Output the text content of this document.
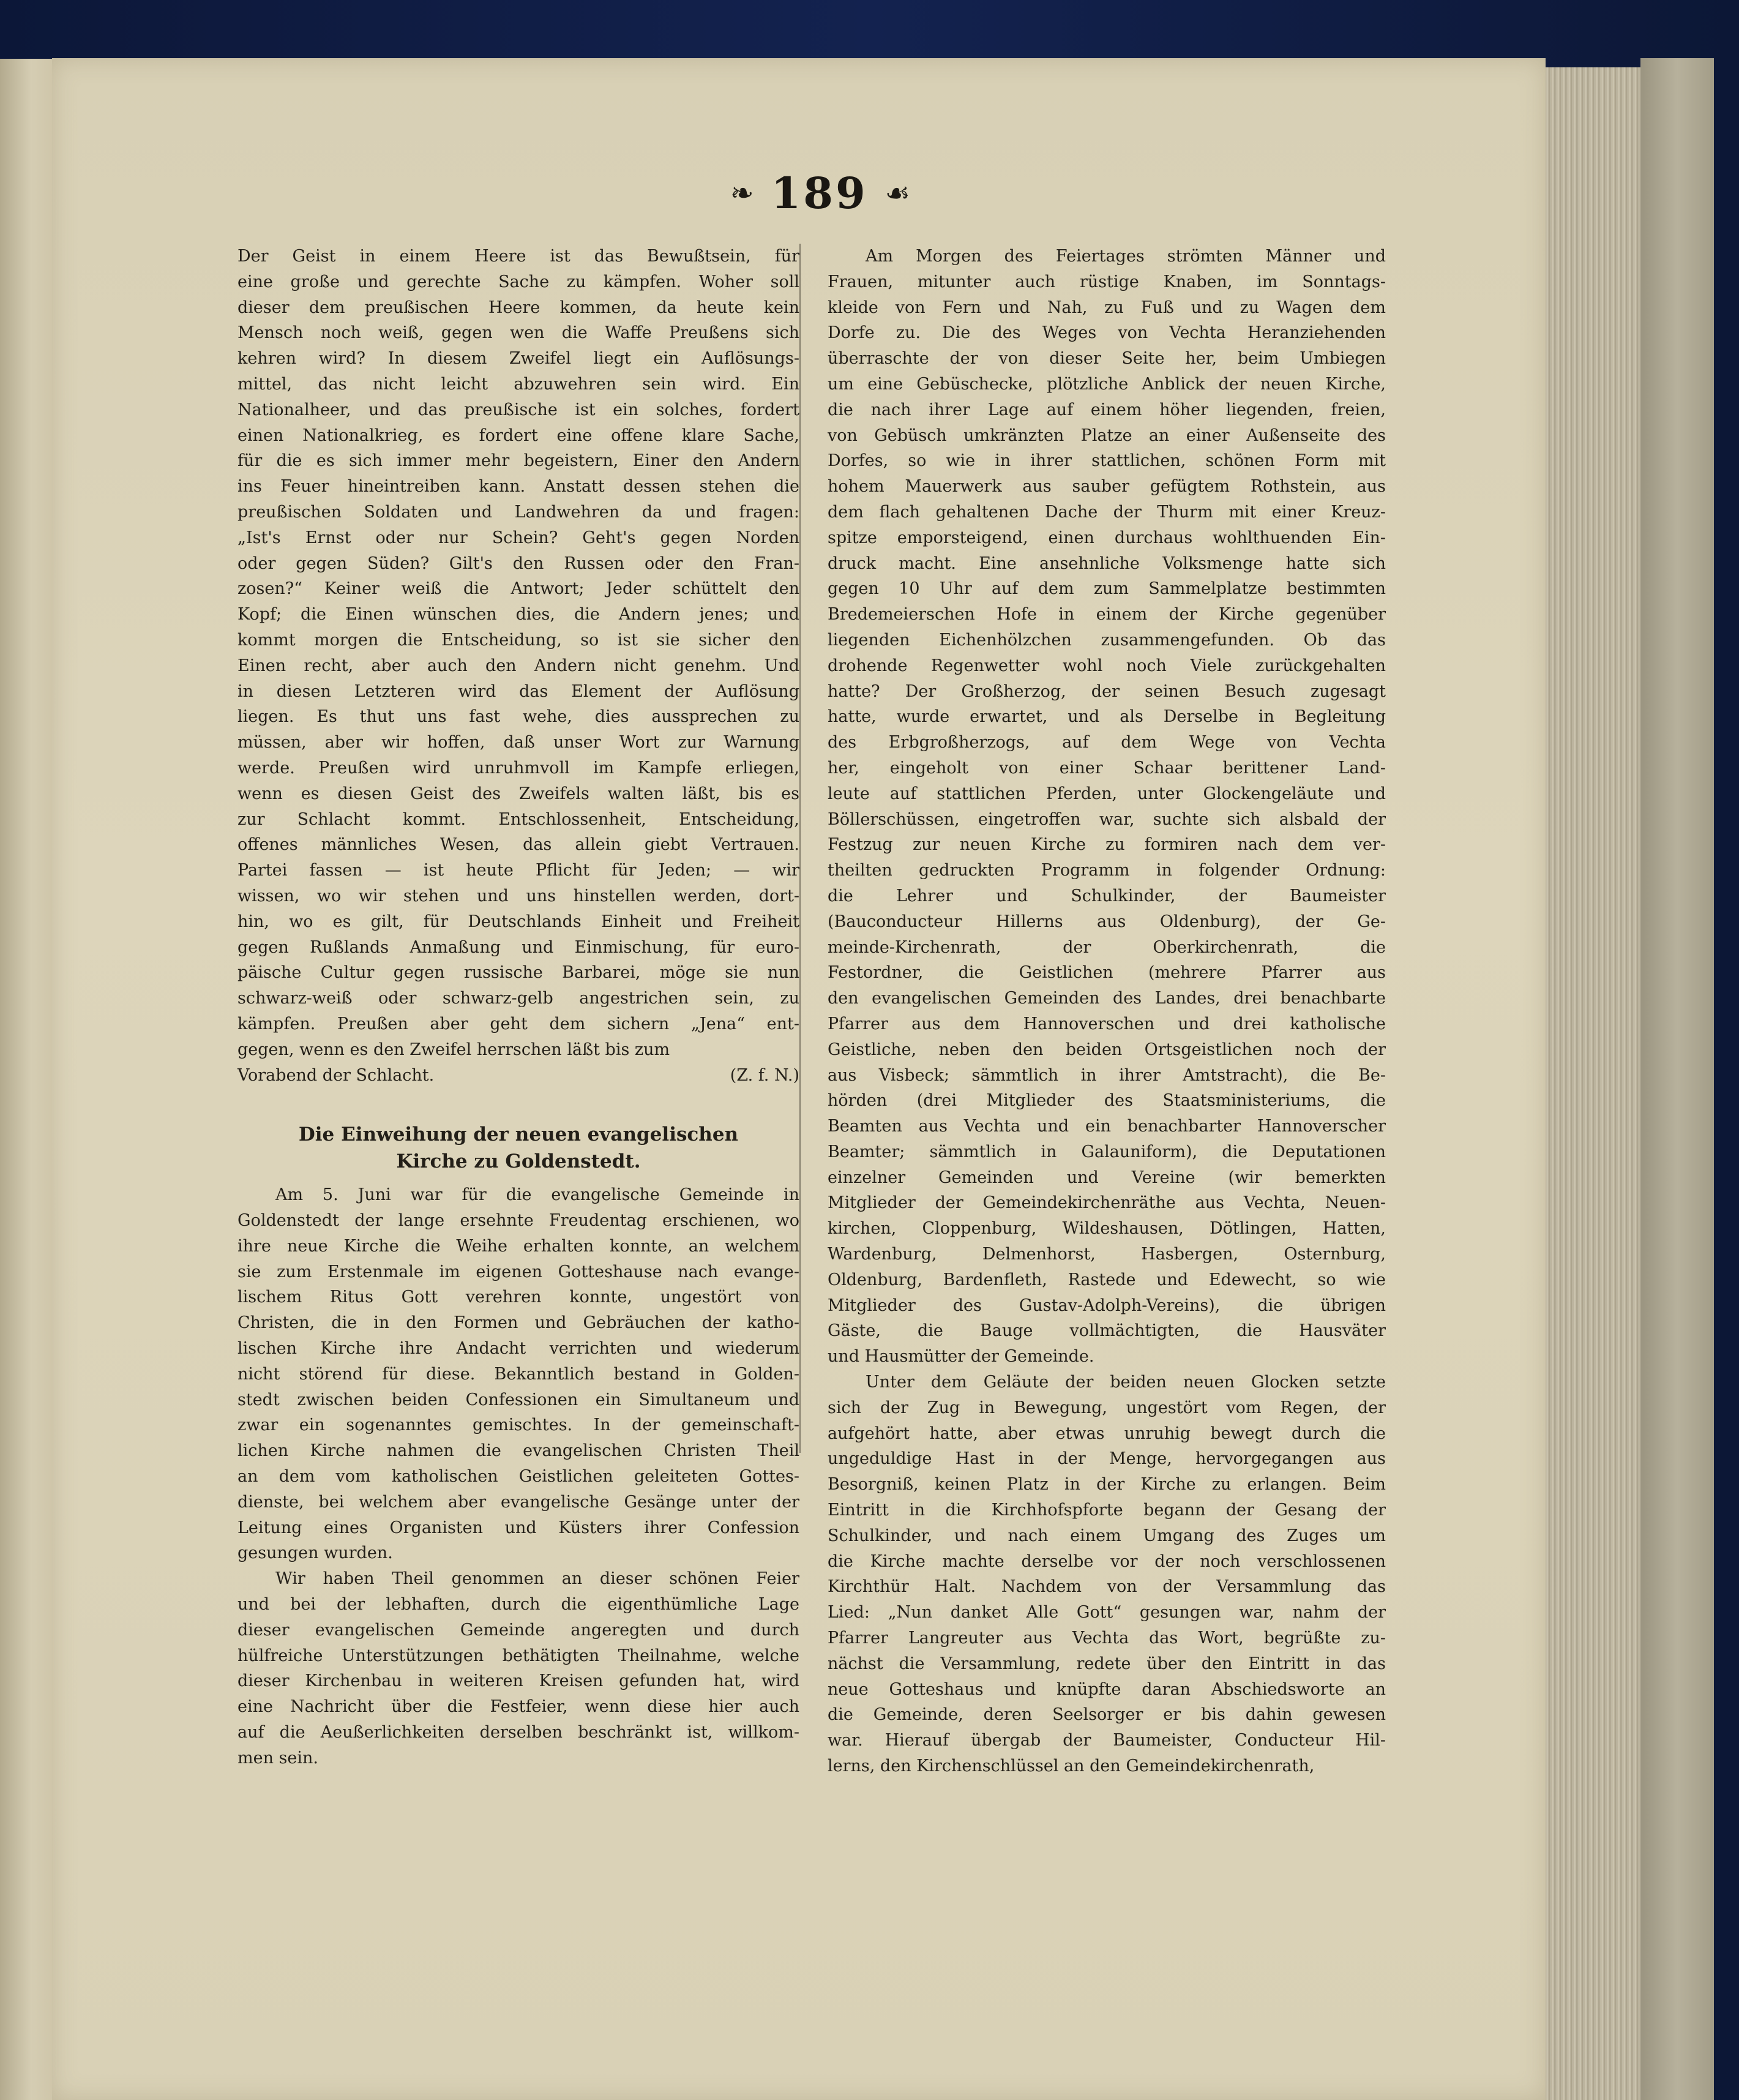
❧ 189 ☙

Der Geist in einem Heere ist das Bewußtsein, für
eine große und gerechte Sache zu kämpfen. Woher soll
dieser dem preußischen Heere kommen, da heute kein
Mensch noch weiß, gegen wen die Waffe Preußens sich
kehren wird? In diesem Zweifel liegt ein Auflösungs-
mittel, das nicht leicht abzuwehren sein wird. Ein
Nationalheer, und das preußische ist ein solches, fordert
einen Nationalkrieg, es fordert eine offene klare Sache,
für die es sich immer mehr begeistern, Einer den Andern
ins Feuer hineintreiben kann. Anstatt dessen stehen die
preußischen Soldaten und Landwehren da und fragen:
„Ist's Ernst oder nur Schein? Geht's gegen Norden
oder gegen Süden? Gilt's den Russen oder den Fran-
zosen?“ Keiner weiß die Antwort; Jeder schüttelt den
Kopf; die Einen wünschen dies, die Andern jenes; und
kommt morgen die Entscheidung, so ist sie sicher den
Einen recht, aber auch den Andern nicht genehm. Und
in diesen Letzteren wird das Element der Auflösung
liegen. Es thut uns fast wehe, dies aussprechen zu
müssen, aber wir hoffen, daß unser Wort zur Warnung
werde. Preußen wird unruhmvoll im Kampfe erliegen,
wenn es diesen Geist des Zweifels walten läßt, bis es
zur Schlacht kommt. Entschlossenheit, Entscheidung,
offenes männliches Wesen, das allein giebt Vertrauen.
Partei fassen — ist heute Pflicht für Jeden; — wir
wissen, wo wir stehen und uns hinstellen werden, dort-
hin, wo es gilt, für Deutschlands Einheit und Freiheit
gegen Rußlands Anmaßung und Einmischung, für euro-
päische Cultur gegen russische Barbarei, möge sie nun
schwarz-weiß oder schwarz-gelb angestrichen sein, zu
kämpfen. Preußen aber geht dem sichern „Jena“ ent-
gegen, wenn es den Zweifel herrschen läßt bis zum

Vorabend der Schlacht.	(Z. f. N.)
Die Einweihung der neuen evangelischen
Kirche zu Goldenstedt.

Am 5. Juni war für die evangelische Gemeinde in
Goldenstedt der lange ersehnte Freudentag erschienen, wo
ihre neue Kirche die Weihe erhalten konnte, an welchem
sie zum Erstenmale im eigenen Gotteshause nach evange-
lischem Ritus Gott verehren konnte, ungestört von
Christen, die in den Formen und Gebräuchen der katho-
lischen Kirche ihre Andacht verrichten und wiederum
nicht störend für diese. Bekanntlich bestand in Golden-
stedt zwischen beiden Confessionen ein Simultaneum und
zwar ein sogenanntes gemischtes. In der gemeinschaft-
lichen Kirche nahmen die evangelischen Christen Theil
an dem vom katholischen Geistlichen geleiteten Gottes-
dienste, bei welchem aber evangelische Gesänge unter der
Leitung eines Organisten und Küsters ihrer Confession
gesungen wurden.

Wir haben Theil genommen an dieser schönen Feier
und bei der lebhaften, durch die eigenthümliche Lage
dieser evangelischen Gemeinde angeregten und durch
hülfreiche Unterstützungen bethätigten Theilnahme, welche
dieser Kirchenbau in weiteren Kreisen gefunden hat, wird
eine Nachricht über die Festfeier, wenn diese hier auch
auf die Aeußerlichkeiten derselben beschränkt ist, willkom-
men sein.

Am Morgen des Feiertages strömten Männer und
Frauen, mitunter auch rüstige Knaben, im Sonntags-
kleide von Fern und Nah, zu Fuß und zu Wagen dem
Dorfe zu. Die des Weges von Vechta Heranziehenden
überraschte der von dieser Seite her, beim Umbiegen
um eine Gebüschecke, plötzliche Anblick der neuen Kirche,
die nach ihrer Lage auf einem höher liegenden, freien,
von Gebüsch umkränzten Platze an einer Außenseite des
Dorfes, so wie in ihrer stattlichen, schönen Form mit
hohem Mauerwerk aus sauber gefügtem Rothstein, aus
dem flach gehaltenen Dache der Thurm mit einer Kreuz-
spitze emporsteigend, einen durchaus wohlthuenden Ein-
druck macht. Eine ansehnliche Volksmenge hatte sich
gegen 10 Uhr auf dem zum Sammelplatze bestimmten
Bredemeierschen Hofe in einem der Kirche gegenüber
liegenden Eichenhölzchen zusammengefunden. Ob das
drohende Regenwetter wohl noch Viele zurückgehalten
hatte? Der Großherzog, der seinen Besuch zugesagt
hatte, wurde erwartet, und als Derselbe in Begleitung
des Erbgroßherzogs, auf dem Wege von Vechta
her, eingeholt von einer Schaar berittener Land-
leute auf stattlichen Pferden, unter Glockengeläute und
Böllerschüssen, eingetroffen war, suchte sich alsbald der
Festzug zur neuen Kirche zu formiren nach dem ver-
theilten gedruckten Programm in folgender Ordnung:
die Lehrer und Schulkinder, der Baumeister
(Bauconducteur Hillerns aus Oldenburg), der Ge-
meinde-Kirchenrath, der Oberkirchenrath, die
Festordner, die Geistlichen (mehrere Pfarrer aus
den evangelischen Gemeinden des Landes, drei benachbarte
Pfarrer aus dem Hannoverschen und drei katholische
Geistliche, neben den beiden Ortsgeistlichen noch der
aus Visbeck; sämmtlich in ihrer Amtstracht), die Be-
hörden (drei Mitglieder des Staatsministeriums, die
Beamten aus Vechta und ein benachbarter Hannoverscher
Beamter; sämmtlich in Galauniform), die Deputationen
einzelner Gemeinden und Vereine (wir bemerkten
Mitglieder der Gemeindekirchenräthe aus Vechta, Neuen-
kirchen, Cloppenburg, Wildeshausen, Dötlingen, Hatten,
Wardenburg, Delmenhorst, Hasbergen, Osternburg,
Oldenburg, Bardenfleth, Rastede und Edewecht, so wie
Mitglieder des Gustav-Adolph-Vereins), die übrigen
Gäste, die Bauge vollmächtigten, die Hausväter
und Hausmütter der Gemeinde.

Unter dem Geläute der beiden neuen Glocken setzte
sich der Zug in Bewegung, ungestört vom Regen, der
aufgehört hatte, aber etwas unruhig bewegt durch die
ungeduldige Hast in der Menge, hervorgegangen aus
Besorgniß, keinen Platz in der Kirche zu erlangen. Beim
Eintritt in die Kirchhofspforte begann der Gesang der
Schulkinder, und nach einem Umgang des Zuges um
die Kirche machte derselbe vor der noch verschlossenen
Kirchthür Halt. Nachdem von der Versammlung das
Lied: „Nun danket Alle Gott“ gesungen war, nahm der
Pfarrer Langreuter aus Vechta das Wort, begrüßte zu-
nächst die Versammlung, redete über den Eintritt in das
neue Gotteshaus und knüpfte daran Abschiedsworte an
die Gemeinde, deren Seelsorger er bis dahin gewesen
war. Hierauf übergab der Baumeister, Conducteur Hil-
lerns, den Kirchenschlüssel an den Gemeindekirchenrath,
